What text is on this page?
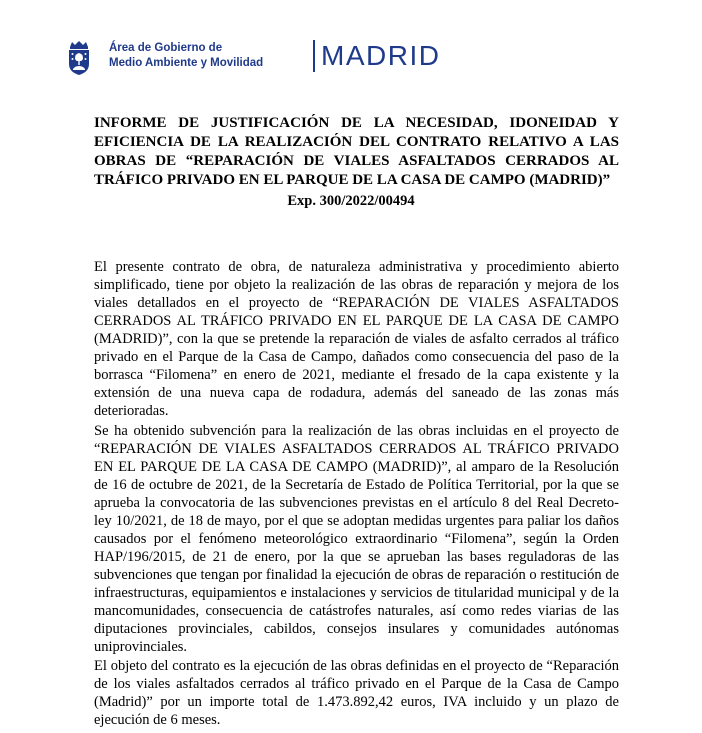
Área de Gobierno de
Medio Ambiente y Movilidad MADRID
INFORME DE JUSTIFICACIÓN DE LA NECESIDAD, IDONEIDAD Y EFICIENCIA DE LA REALIZACIÓN DEL CONTRATO RELATIVO A LAS OBRAS DE “REPARACIÓN DE VIALES ASFALTADOS CERRADOS AL TRÁFICO PRIVADO EN EL PARQUE DE LA CASA DE CAMPO (MADRID)”
Exp. 300/2022/00494
El presente contrato de obra, de naturaleza administrativa y procedimiento abierto simplificado, tiene por objeto la realización de las obras de reparación y mejora de los viales detallados en el proyecto de “REPARACIÓN DE VIALES ASFALTADOS CERRADOS AL TRÁFICO PRIVADO EN EL PARQUE DE LA CASA DE CAMPO (MADRID)”, con la que se pretende la reparación de viales de asfalto cerrados al tráfico privado en el Parque de la Casa de Campo, dañados como consecuencia del paso de la borrasca “Filomena” en enero de 2021, mediante el fresado de la capa existente y la extensión de una nueva capa de rodadura, además del saneado de las zonas más deterioradas.
Se ha obtenido subvención para la realización de las obras incluidas en el proyecto de “REPARACIÓN DE VIALES ASFALTADOS CERRADOS AL TRÁFICO PRIVADO EN EL PARQUE DE LA CASA DE CAMPO (MADRID)”, al amparo de la Resolución de 16 de octubre de 2021, de la Secretaría de Estado de Política Territorial, por la que se aprueba la convocatoria de las subvenciones previstas en el artículo 8 del Real Decreto-ley 10/2021, de 18 de mayo, por el que se adoptan medidas urgentes para paliar los daños causados por el fenómeno meteorológico extraordinario “Filomena”, según la Orden HAP/196/2015, de 21 de enero, por la que se aprueban las bases reguladoras de las subvenciones que tengan por finalidad la ejecución de obras de reparación o restitución de infraestructuras, equipamientos e instalaciones y servicios de titularidad municipal y de la mancomunidades, consecuencia de catástrofes naturales, así como redes viarias de las diputaciones provinciales, cabildos, consejos insulares y comunidades autónomas uniprovinciales.
El objeto del contrato es la ejecución de las obras definidas en el proyecto de “Reparación de los viales asfaltados cerrados al tráfico privado en el Parque de la Casa de Campo (Madrid)” por un importe total de 1.473.892,42 euros, IVA incluido y un plazo de ejecución de 6 meses.
